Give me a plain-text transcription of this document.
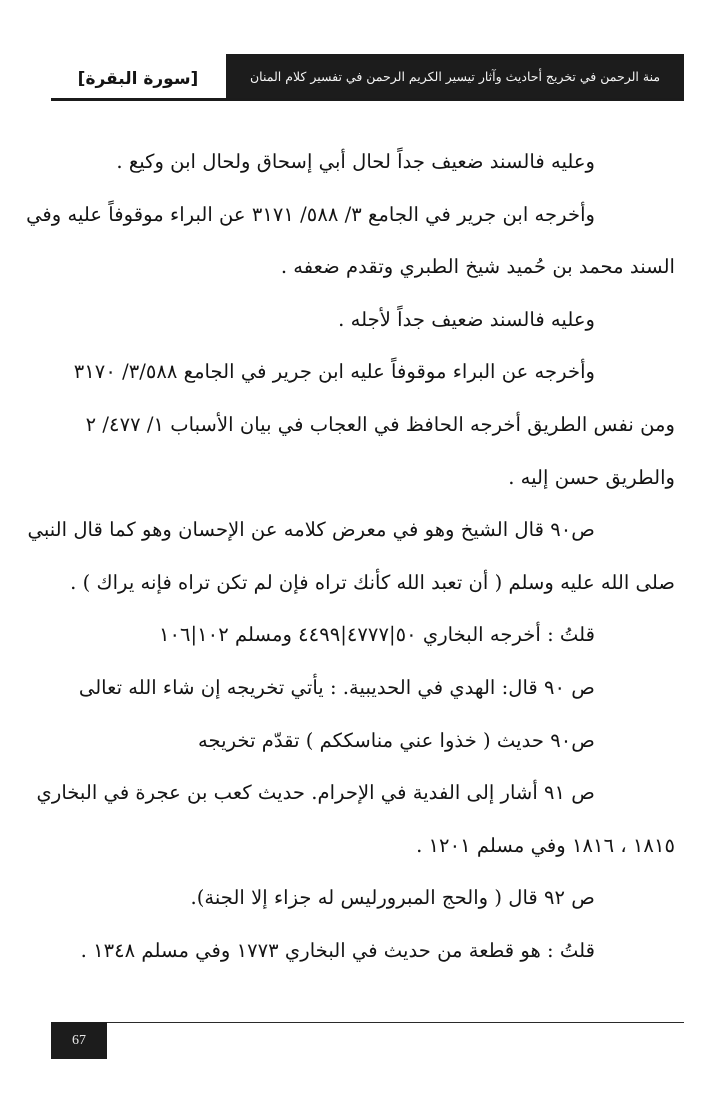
منة الرحمن في تخريج أحاديث وآثار تيسير الكريم الرحمن في تفسير كلام المنان
[سورة البقرة]
وعليه فالسند ضعيف جداً لحال أبي إسحاق ولحال ابن وكيع .
وأخرجه ابن جرير في الجامع ٣/ ٥٨٨/ ٣١٧١ عن البراء موقوفاً عليه وفي
السند محمد بن حُميد شيخ الطبري وتقدم ضعفه .
وعليه فالسند ضعيف جداً لأجله .
وأخرجه عن البراء موقوفاً عليه ابن جرير في الجامع ٣/٥٨٨/ ٣١٧٠
ومن نفس الطريق أخرجه الحافظ في العجاب في بيان الأسباب ١/ ٤٧٧/ ٢
والطريق حسن إليه .
ص٩٠ قال الشيخ وهو في معرض كلامه عن الإحسان وهو كما قال النبي
صلى الله عليه وسلم ( أن تعبد الله كأنك تراه فإن لم تكن تراه فإنه يراك ) .
قلتُ : أخرجه البخاري ٥٠|٤٧٧٧|٤٤٩٩ ومسلم ١٠٢|١٠٦
ص ٩٠ قال: الهدي في الحديبية. : يأتي تخريجه إن شاء الله تعالى
ص٩٠ حديث ( خذوا عني مناسككم ) تقدّم تخريجه
ص ٩١ أشار إلى الفدية في الإحرام. حديث كعب بن عجرة في البخاري
١٨١٥ ، ١٨١٦ وفي مسلم ١٢٠١ .
ص ٩٢ قال ( والحج المبرورليس له جزاء إلا الجنة).
قلتُ : هو قطعة من حديث في البخاري ١٧٧٣ وفي مسلم ١٣٤٨ .
67
